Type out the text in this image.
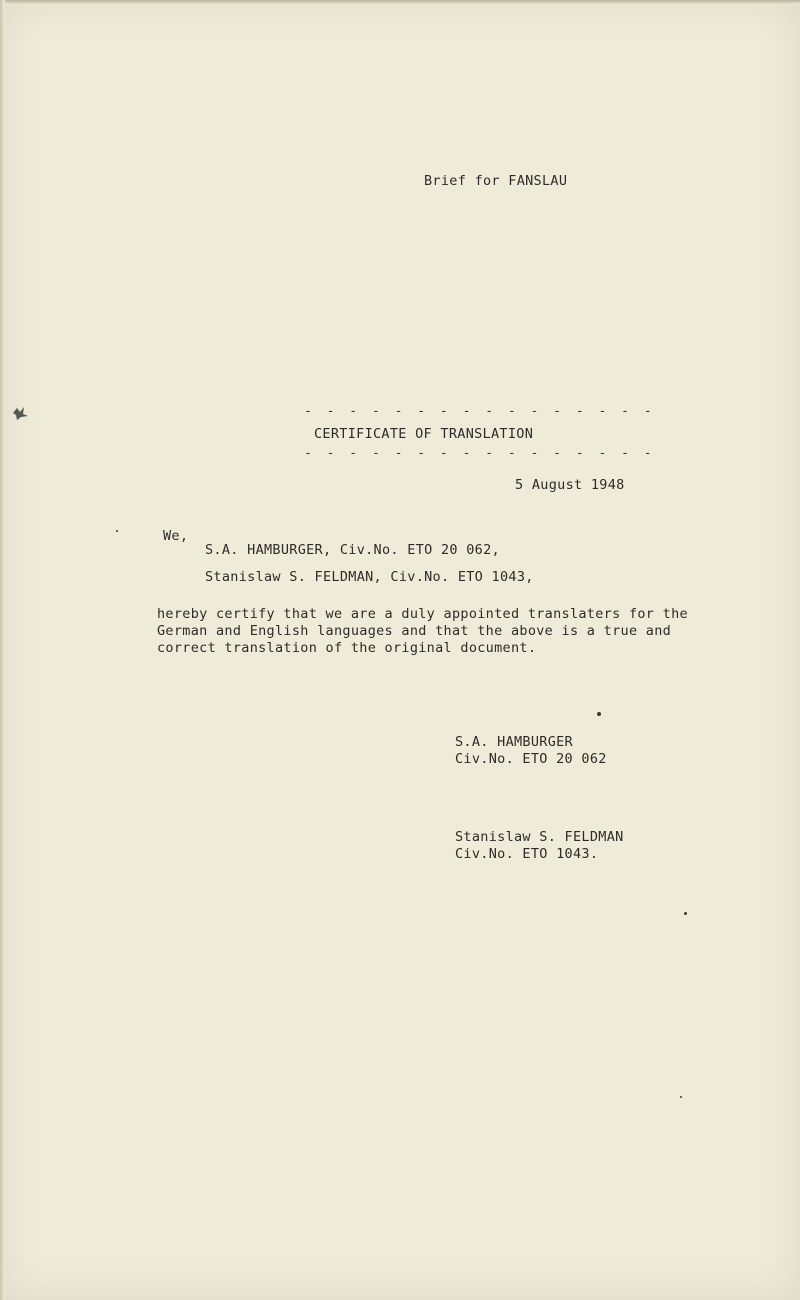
Brief for FANSLAU
- - - - - - - - - - - - - - - -
CERTIFICATE OF TRANSLATION
- - - - - - - - - - - - - - - -
5 August 1948
We,
S.A. HAMBURGER, Civ.No. ETO 20 062,
Stanislaw S. FELDMAN, Civ.No. ETO 1043,
hereby certify that we are a duly appointed translaters for the
German and English languages and that the above is a true and
correct translation of the original document.
S.A. HAMBURGER
Civ.No. ETO 20 062
Stanislaw S. FELDMAN
Civ.No. ETO 1043.
